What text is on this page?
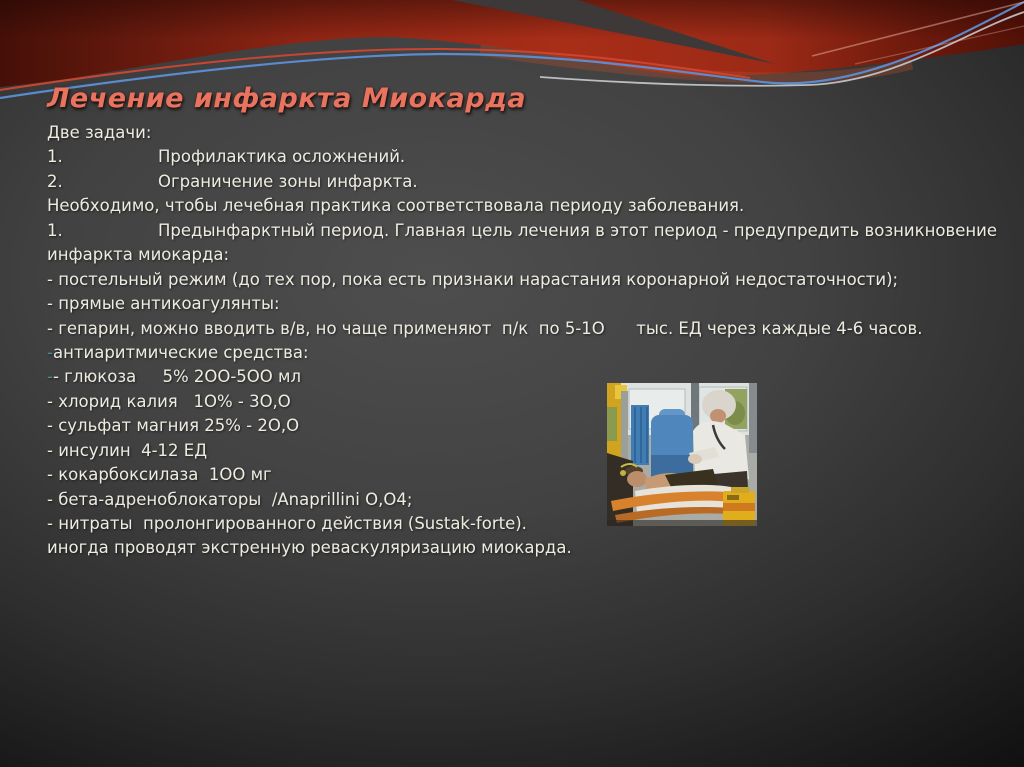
Лечение инфаркта Миокарда
Две задачи:
1.	Профилактика осложнений.
2.	Ограничение зоны инфаркта.
Необходимо, чтобы лечебная практика соответствовала периоду заболевания.
1.	Предынфарктный период. Главная цель лечения в этот период - предупредить возникновение
инфаркта миокарда:
- постельный режим (до тех пор, пока есть признаки нарастания коронарной недостаточности);
- прямые антикоагулянты:
- гепарин, можно вводить в/в, но чаще применяют  п/к  по 5-1О      тыс. ЕД через каждые 4-6 часов.
-антиаритмические средства:
-- глюкоза     5% 2ОО-5ОО мл
- хлорид калия   1О% - 3О,О
- сульфат магния 25% - 2О,О
- инсулин  4-12 ЕД
- кокарбоксилаза  1ОО мг
- бета-адреноблокаторы  /Anaprillini О,О4;
- нитраты  пролонгированного действия (Sustak-forte).
иногда проводят экстренную реваскуляризацию миокарда.
